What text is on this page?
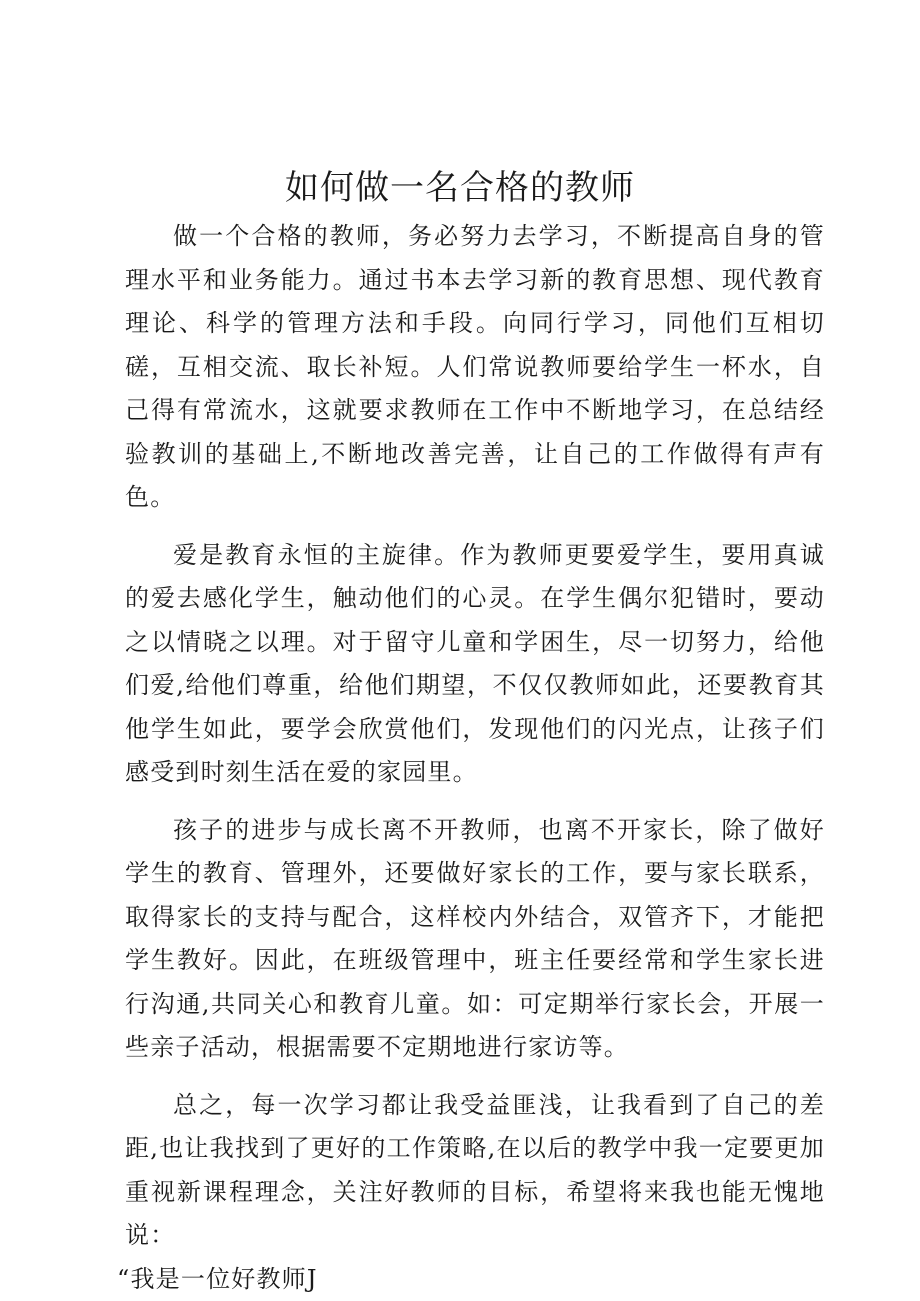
如何做一名合格的教师

做一个合格的教师，务必努力去学习，不断提高自身的管理水平和业务能力。通过书本去学习新的教育思想、现代教育理论、科学的管理方法和手段。向同行学习，同他们互相切磋，互相交流、取长补短。人们常说教师要给学生一杯水，自己得有常流水，这就要求教师在工作中不断地学习，在总结经验教训的基础上,不断地改善完善，让自己的工作做得有声有色。

爱是教育永恒的主旋律。作为教师更要爱学生，要用真诚的爱去感化学生，触动他们的心灵。在学生偶尔犯错时，要动之以情晓之以理。对于留守儿童和学困生，尽一切努力，给他们爱,给他们尊重，给他们期望，不仅仅教师如此，还要教育其他学生如此，要学会欣赏他们，发现他们的闪光点，让孩子们感受到时刻生活在爱的家园里。

孩子的进步与成长离不开教师，也离不开家长，除了做好学生的教育、管理外，还要做好家长的工作，要与家长联系，取得家长的支持与配合，这样校内外结合，双管齐下，才能把学生教好。因此，在班级管理中，班主任要经常和学生家长进行沟通,共同关心和教育儿童。如：可定期举行家长会，开展一些亲子活动，根据需要不定期地进行家访等。

总之，每一次学习都让我受益匪浅，让我看到了自己的差距,也让我找到了更好的工作策略,在以后的教学中我一定要更加重视新课程理念，关注好教师的目标，希望将来我也能无愧地说：

“我是一位好教师J
